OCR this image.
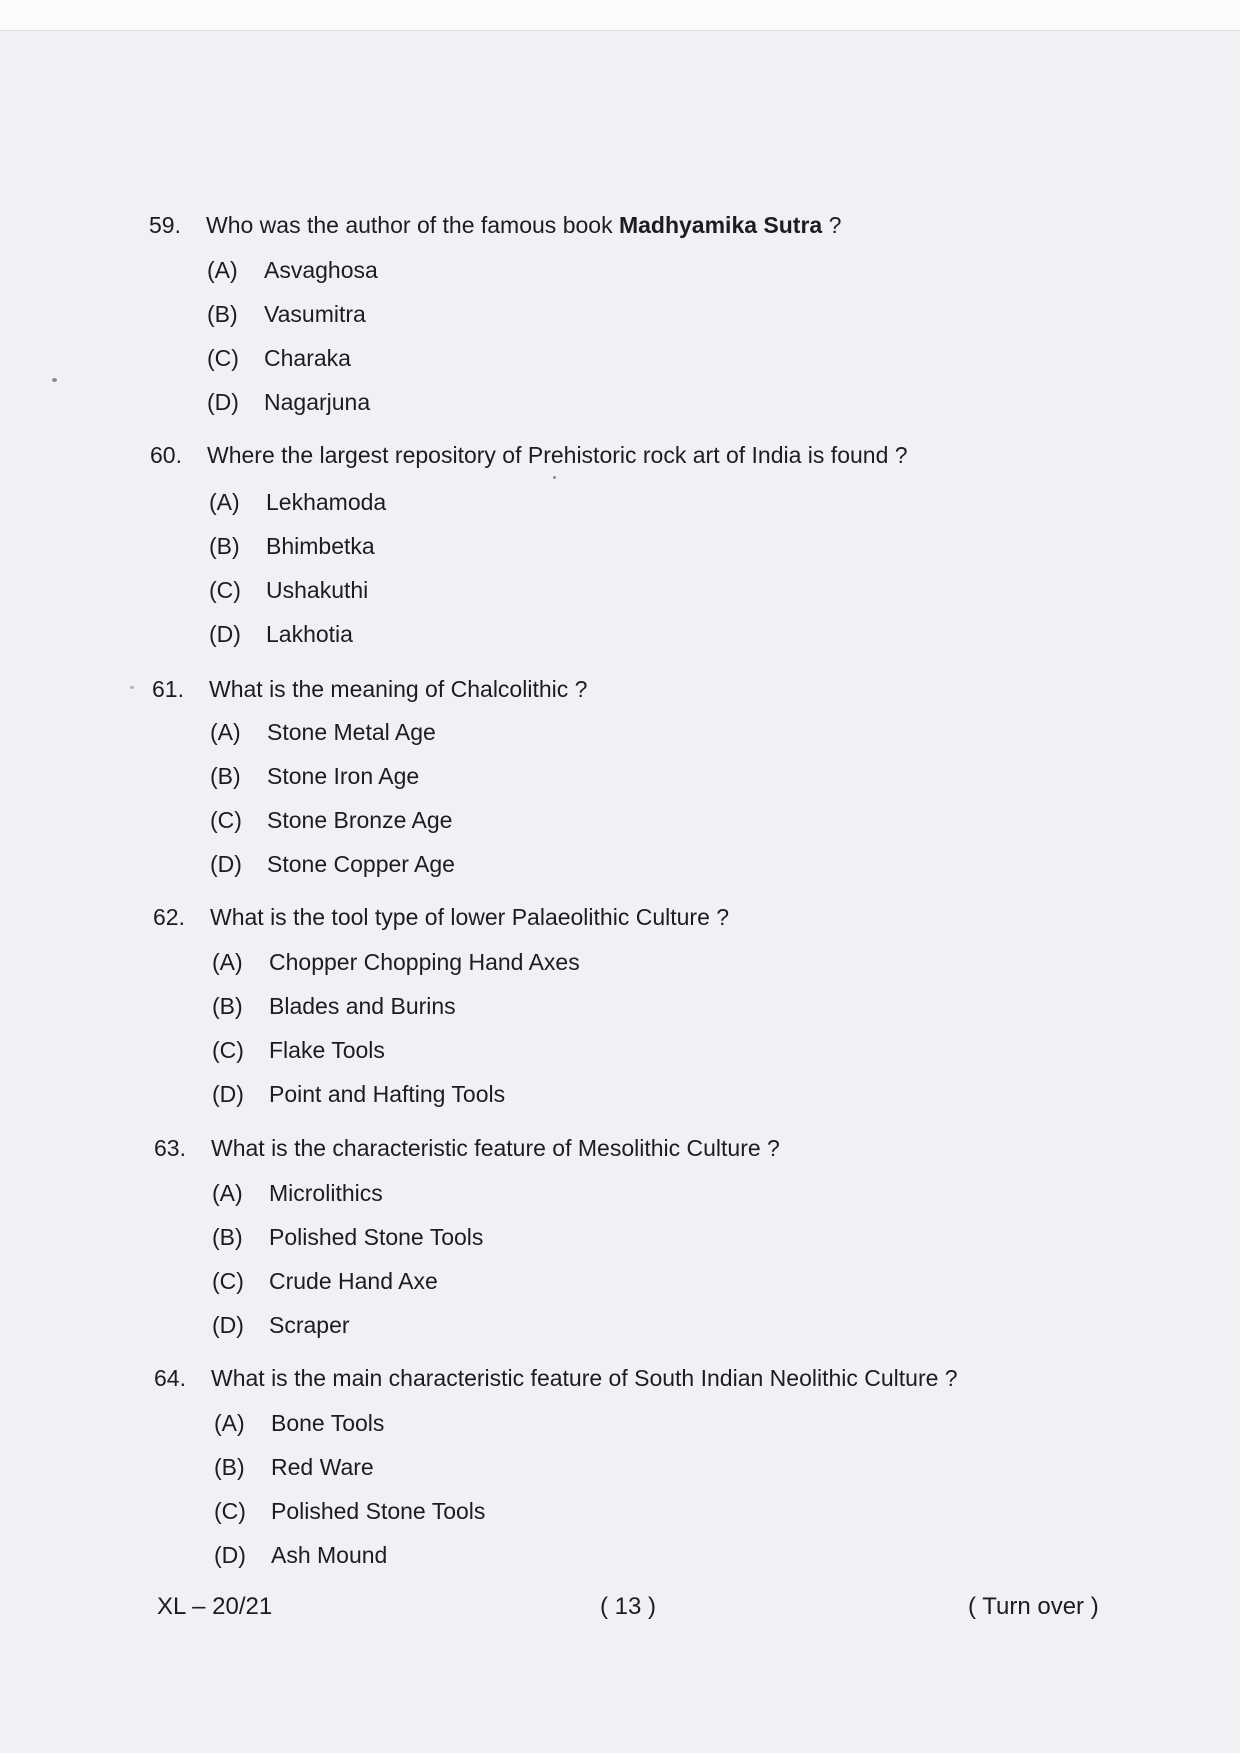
59. Who was the author of the famous book Madhyamika Sutra ?
(A) Asvaghosa
(B) Vasumitra
(C) Charaka
(D) Nagarjuna
60. Where the largest repository of Prehistoric rock art of India is found ?
(A) Lekhamoda
(B) Bhimbetka
(C) Ushakuthi
(D) Lakhotia
61. What is the meaning of Chalcolithic ?
(A) Stone Metal Age
(B) Stone Iron Age
(C) Stone Bronze Age
(D) Stone Copper Age
62. What is the tool type of lower Palaeolithic Culture ?
(A) Chopper Chopping Hand Axes
(B) Blades and Burins
(C) Flake Tools
(D) Point and Hafting Tools
63. What is the characteristic feature of Mesolithic Culture ?
(A) Microlithics
(B) Polished Stone Tools
(C) Crude Hand Axe
(D) Scraper
64. What is the main characteristic feature of South Indian Neolithic Culture ?
(A) Bone Tools
(B) Red Ware
(C) Polished Stone Tools
(D) Ash Mound
XL – 20/21	( 13 )	( Turn over )
